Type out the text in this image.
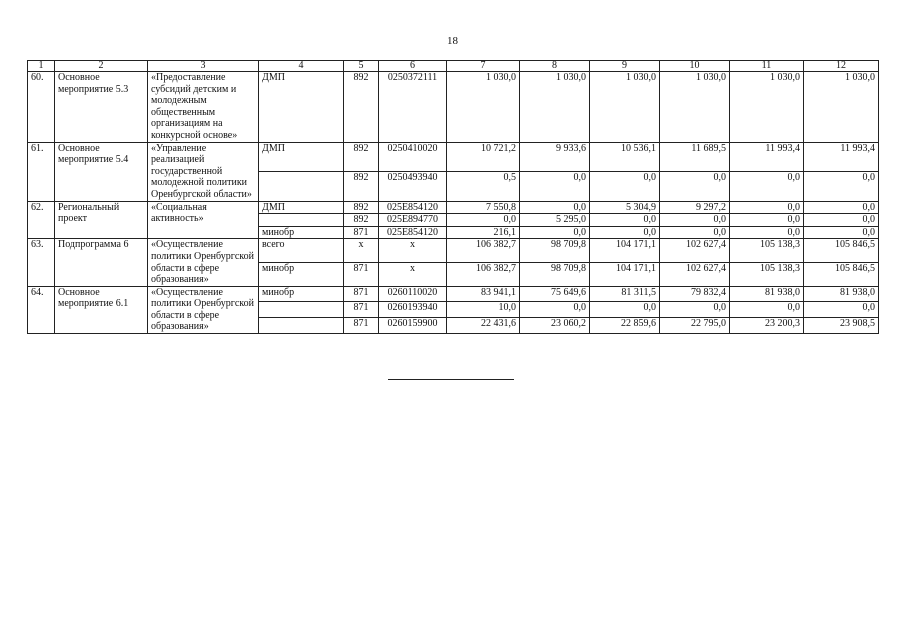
18
1	2	3	4	5	6	7	8	9	10	11	12
60.	Основное мероприятие 5.3	«Предоставление субсидий детским и молодежным общественным организациям на конкурсной основе»	ДМП	892	0250372111	1 030,0	1 030,0	1 030,0	1 030,0	1 030,0	1 030,0
61.	Основное мероприятие 5.4	«Управление реализацией государственной молодежной политики Оренбургской области»	ДМП	892	0250410020	10 721,2	9 933,6	10 536,1	11 689,5	11 993,4	11 993,4
				892	0250493940	0,5	0,0	0,0	0,0	0,0	0,0
62.	Региональный проект	«Социальная активность»	ДМП	892	025E854120	7 550,8	0,0	5 304,9	9 297,2	0,0	0,0
				892	025E894770	0,0	5 295,0	0,0	0,0	0,0	0,0
			минобр	871	025E854120	216,1	0,0	0,0	0,0	0,0	0,0
63.	Подпрограмма 6	«Осуществление политики Оренбургской области в сфере образования»	всего	х	х	106 382,7	98 709,8	104 171,1	102 627,4	105 138,3	105 846,5
			минобр	871	х	106 382,7	98 709,8	104 171,1	102 627,4	105 138,3	105 846,5
64.	Основное мероприятие 6.1	«Осуществление политики Оренбургской области в сфере образования»	минобр	871	0260110020	83 941,1	75 649,6	81 311,5	79 832,4	81 938,0	81 938,0
				871	0260193940	10,0	0,0	0,0	0,0	0,0	0,0
				871	0260159900	22 431,6	23 060,2	22 859,6	22 795,0	23 200,3	23 908,5
